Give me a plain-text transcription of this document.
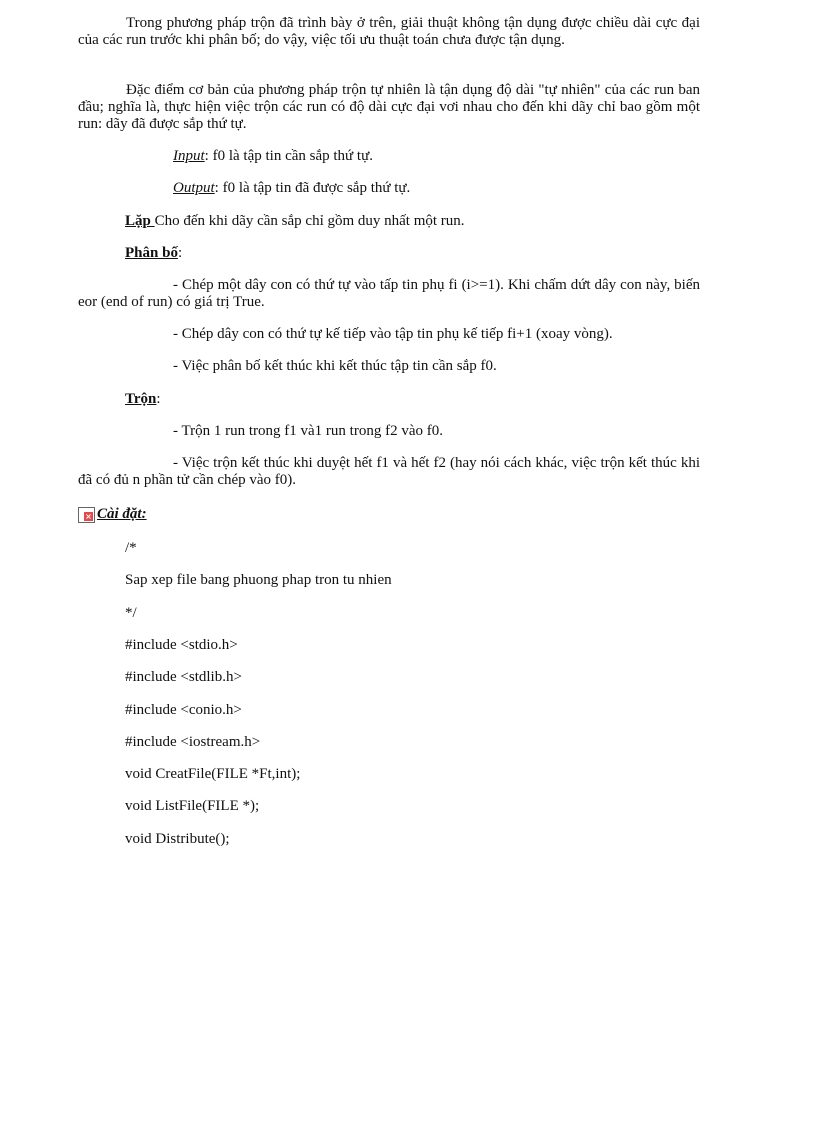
Trong phương pháp trộn đã trình bày ở trên, giải thuật không tận dụng được chiều dài cực đại của các run trước khi phân bố; do vậy, việc tối ưu thuật toán chưa được tận dụng.

Đặc điểm cơ bản của phương pháp trộn tự nhiên là tận dụng độ dài "tự nhiên" của các run ban đầu; nghĩa là, thực hiện việc trộn các run có độ dài cực đại vơi nhau cho đến khi dãy chỉ bao gồm một run: dãy đã được sắp thứ tự.

Input: f0 là tập tin cần sắp thứ tự.

Output: f0 là tập tin đã được sắp thứ tự.

Lặp Cho đến khi dãy cần sắp chỉ gồm duy nhất một run.

Phân bố:

- Chép một dây con có thứ tự vào tấp tin phụ fi (i>=1). Khi chấm dứt dây con này, biến eor (end of run) có giá trị True.

- Chép dây con có thứ tự kế tiếp vào tập tin phụ kế tiếp fi+1 (xoay vòng).

- Việc phân bố kết thúc khi kết thúc tập tin cần sắp f0.

Trộn:

- Trộn 1 run trong f1 và1 run trong f2 vào f0.

- Việc trộn kết thúc khi duyệt hết f1 và hết f2 (hay nói cách khác, việc trộn kết thúc khi đã có đủ n phần tử cần chép vào f0).

× Cài đặt:

/*

Sap xep file bang phuong phap tron tu nhien

*/

#include <stdio.h>

#include <stdlib.h>

#include <conio.h>

#include <iostream.h>

void CreatFile(FILE *Ft,int);

void ListFile(FILE *);

void Distribute();
